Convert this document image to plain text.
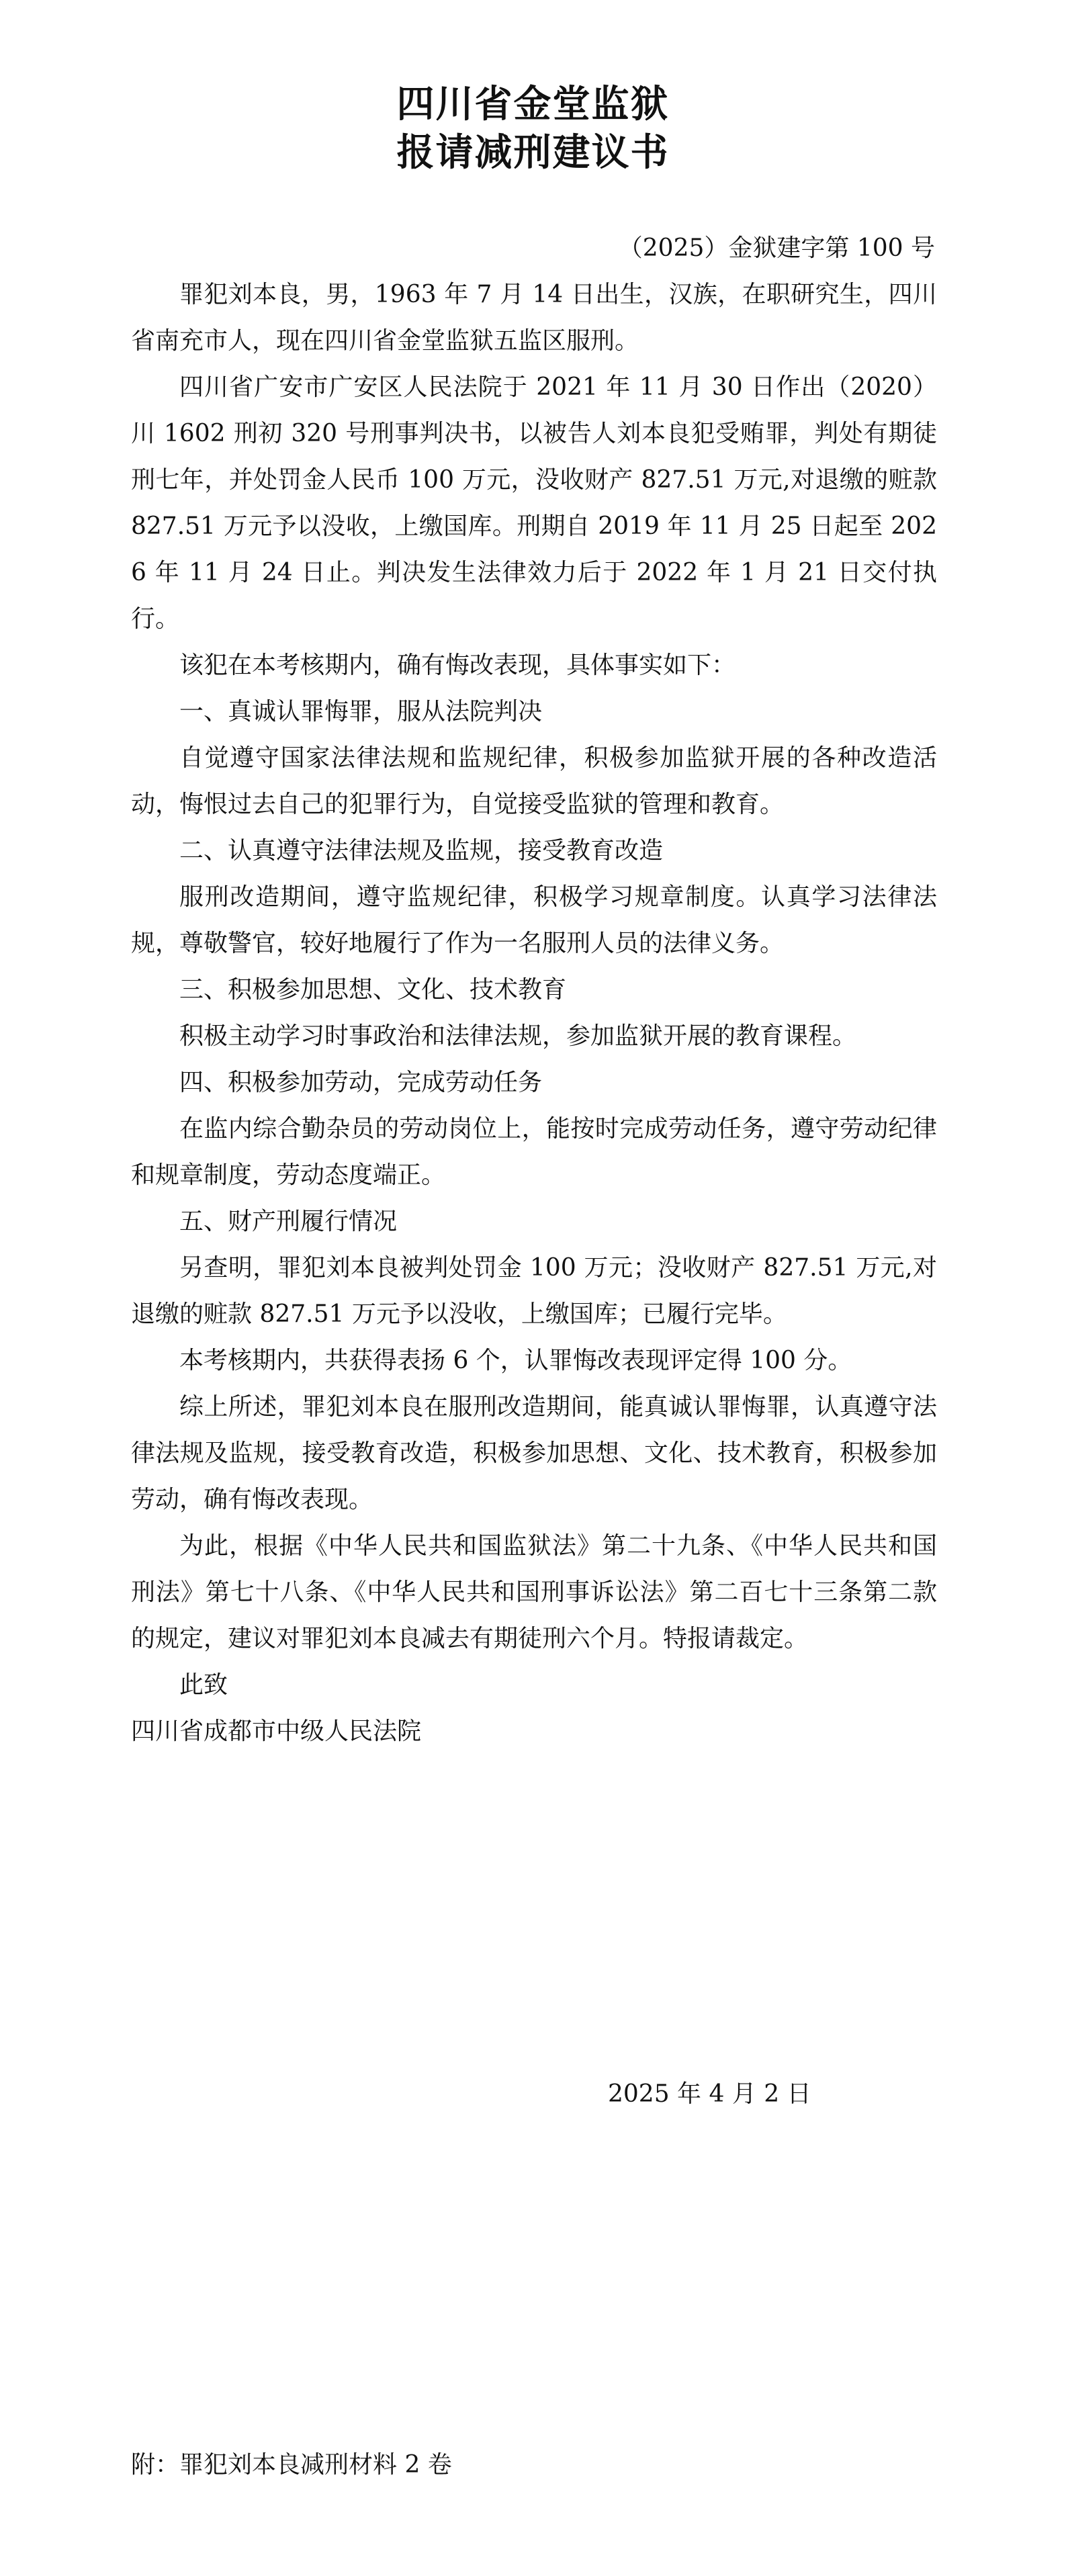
四川省金堂监狱
报请减刑建议书
（2025）金狱建字第 100 号

罪犯刘本良，男，1963 年 7 月 14 日出生，汉族，在职研究生，四川省南充市人，现在四川省金堂监狱五监区服刑。

四川省广安市广安区人民法院于 2021 年 11 月 30 日作出（2020）川 1602 刑初 320 号刑事判决书，以被告人刘本良犯受贿罪，判处有期徒刑七年，并处罚金人民币 100 万元，没收财产 827.51 万元,对退缴的赃款 827.51 万元予以没收，上缴国库。刑期自 2019 年 11 月 25 日起至 2026 年 11 月 24 日止。判决发生法律效力后于 2022 年 1 月 21 日交付执行。

该犯在本考核期内，确有悔改表现，具体事实如下：

一、真诚认罪悔罪，服从法院判决

自觉遵守国家法律法规和监规纪律，积极参加监狱开展的各种改造活动，悔恨过去自己的犯罪行为，自觉接受监狱的管理和教育。

二、认真遵守法律法规及监规，接受教育改造

服刑改造期间，遵守监规纪律，积极学习规章制度。认真学习法律法规，尊敬警官，较好地履行了作为一名服刑人员的法律义务。

三、积极参加思想、文化、技术教育

积极主动学习时事政治和法律法规，参加监狱开展的教育课程。

四、积极参加劳动，完成劳动任务

在监内综合勤杂员的劳动岗位上，能按时完成劳动任务，遵守劳动纪律和规章制度，劳动态度端正。

五、财产刑履行情况

另查明，罪犯刘本良被判处罚金 100 万元；没收财产 827.51 万元,对退缴的赃款 827.51 万元予以没收，上缴国库；已履行完毕。

本考核期内，共获得表扬 6 个，认罪悔改表现评定得 100 分。

综上所述，罪犯刘本良在服刑改造期间，能真诚认罪悔罪，认真遵守法律法规及监规，接受教育改造，积极参加思想、文化、技术教育，积极参加劳动，确有悔改表现。

为此，根据《中华人民共和国监狱法》第二十九条、《中华人民共和国刑法》第七十八条、《中华人民共和国刑事诉讼法》第二百七十三条第二款的规定，建议对罪犯刘本良减去有期徒刑六个月。特报请裁定。

此致

四川省成都市中级人民法院

2025 年 4 月 2 日
附：罪犯刘本良减刑材料 2 卷
